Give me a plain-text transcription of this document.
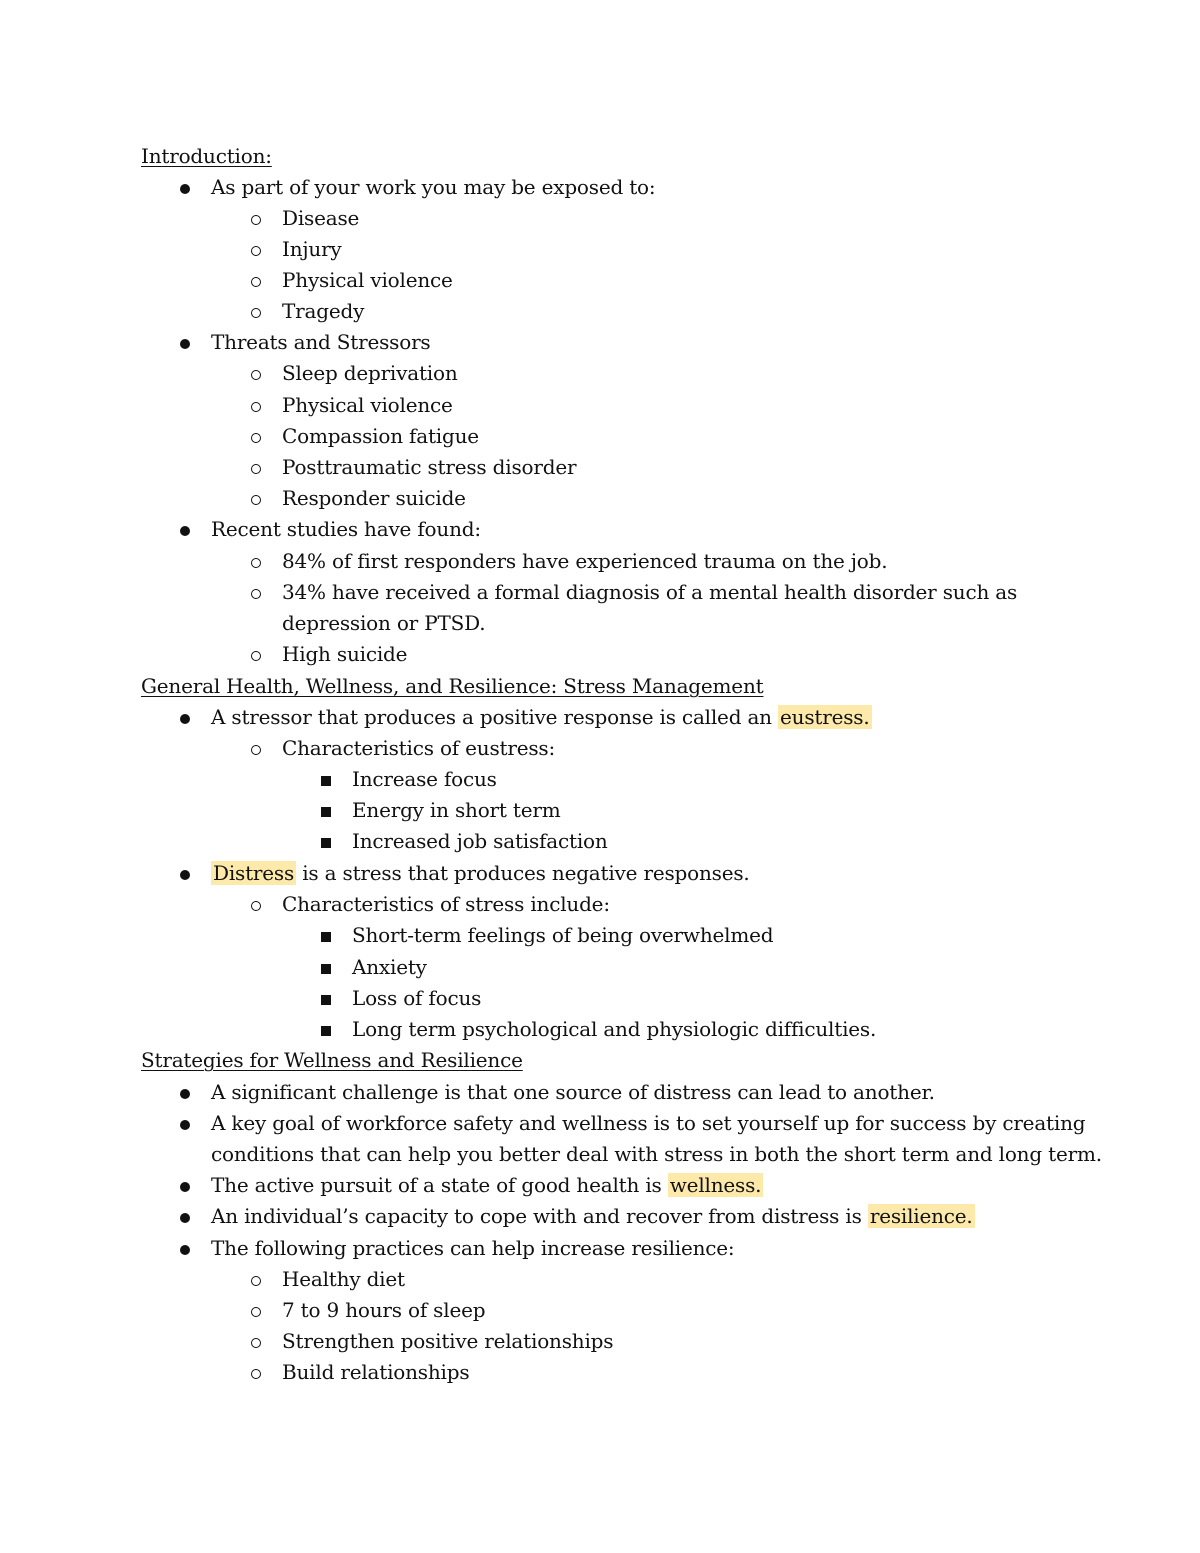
Introduction:
As part of your work you may be exposed to:
Disease
Injury
Physical violence
Tragedy
Threats and Stressors
Sleep deprivation
Physical violence
Compassion fatigue
Posttraumatic stress disorder
Responder suicide
Recent studies have found:
84% of first responders have experienced trauma on the job.
34% have received a formal diagnosis of a mental health disorder such as
depression or PTSD.
High suicide
General Health, Wellness, and Resilience: Stress Management
A stressor that produces a positive response is called an eustress.
Characteristics of eustress:
Increase focus
Energy in short term
Increased job satisfaction
Distress is a stress that produces negative responses.
Characteristics of stress include:
Short-term feelings of being overwhelmed
Anxiety
Loss of focus
Long term psychological and physiologic difficulties.
Strategies for Wellness and Resilience
A significant challenge is that one source of distress can lead to another.
A key goal of workforce safety and wellness is to set yourself up for success by creating
conditions that can help you better deal with stress in both the short term and long term.
The active pursuit of a state of good health is wellness.
An individual’s capacity to cope with and recover from distress is resilience.
The following practices can help increase resilience:
Healthy diet
7 to 9 hours of sleep
Strengthen positive relationships
Build relationships
